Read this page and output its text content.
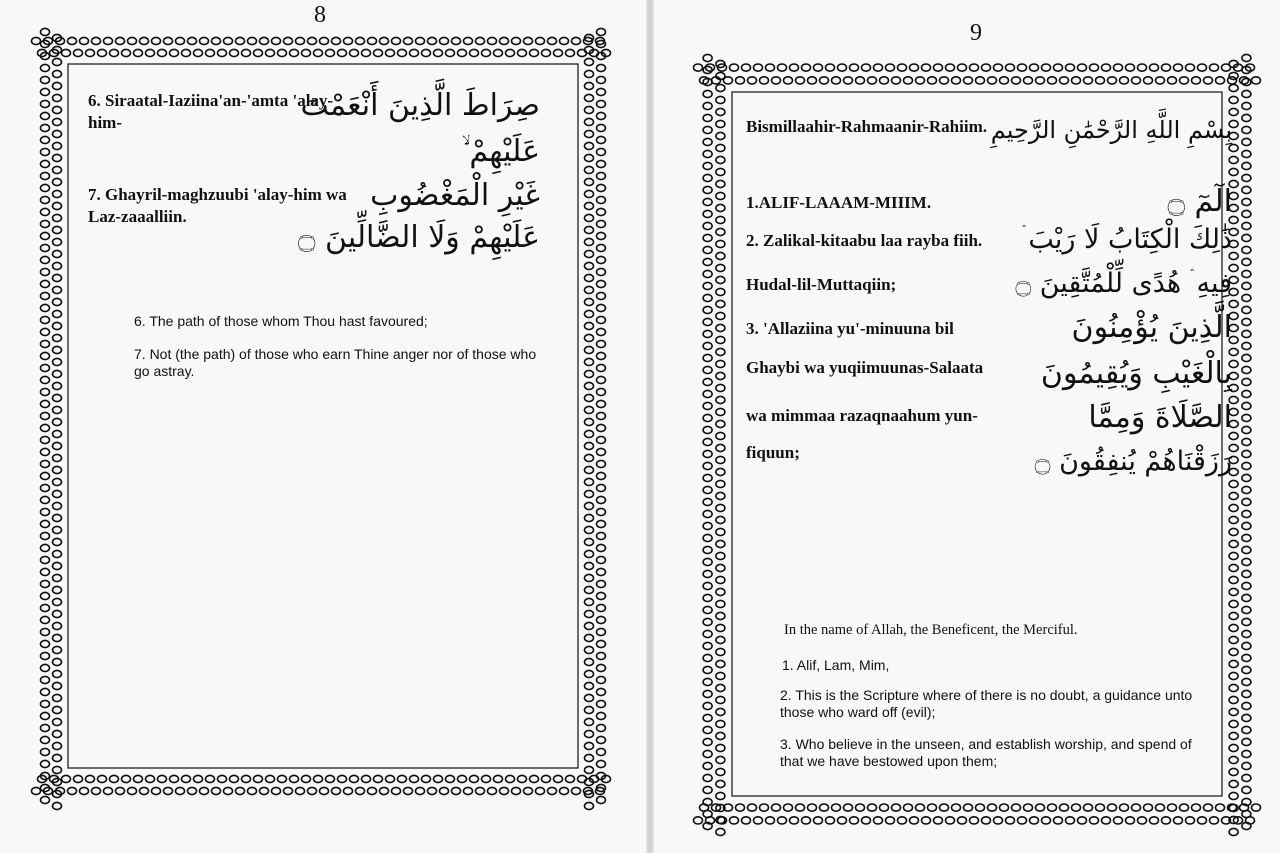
8
6. Siraatal-Iaziina'an-'amta 'alay-him-	صِرَاطَ الَّذِينَ أَنْعَمْتَ
عَلَيْهِمْ ۙ
7. Ghayril-maghzuubi 'alay-him wa Laz-zaaalliin.
غَيْرِ الْمَغْضُوبِ
عَلَيْهِمْ وَلَا الضَّالِّينَ ۝
6. The path of those whom Thou hast favoured;
7. Not (the path) of those who earn Thine anger nor of those who go astray.
9
Bismillaahir-Rahmaanir-Rahiim. بِسْمِ اللَّهِ الرَّحْمَٰنِ الرَّحِيمِ
1.ALIF-LAAAM-MIIIM.	الٓمٓ ۝
2. Zalikal-kitaabu laa rayba fiih.	ذَٰلِكَ الْكِتَابُ لَا رَيْبَ ۛ
Hudal-lil-Muttaqiin;	فِيهِ ۛ هُدًى لِّلْمُتَّقِينَ ۝
3. 'Allaziina yu'-minuuna bil	الَّذِينَ يُؤْمِنُونَ
Ghaybi wa yuqiimuunas-Salaata	بِالْغَيْبِ وَيُقِيمُونَ
wa mimmaa razaqnaahum yun-	الصَّلَاةَ وَمِمَّا
fiquun;	رَزَقْنَاهُمْ يُنفِقُونَ ۝
In the name of Allah, the Beneficent, the Merciful.
1. Alif, Lam, Mim,
2. This is the Scripture where of there is no doubt, a guidance unto those who ward off (evil);
3. Who believe in the unseen, and establish worship, and spend of that we have bestowed upon them;
